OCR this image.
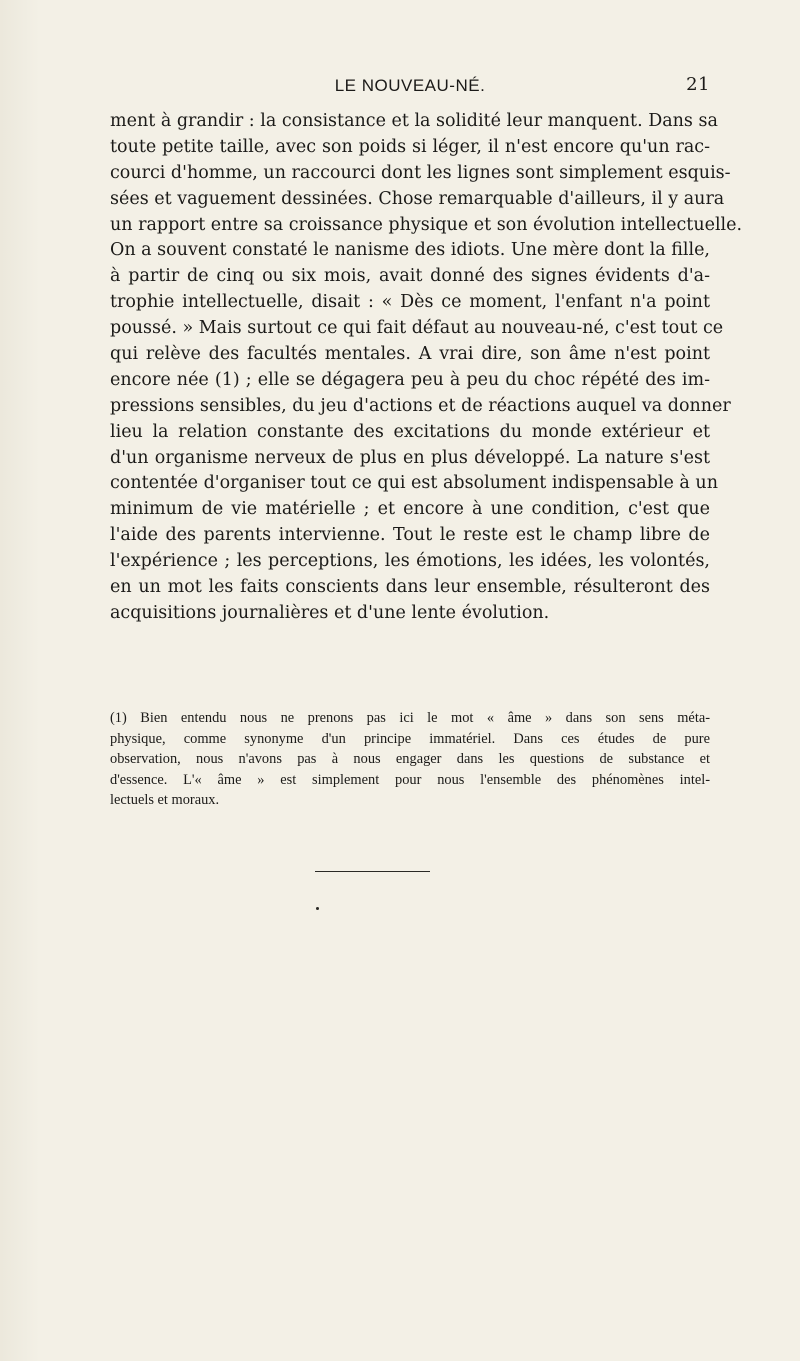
LE NOUVEAU-NÉ.	21
ment à grandir : la consistance et la solidité leur manquent. Dans sa
toute petite taille, avec son poids si léger, il n'est encore qu'un rac-
courci d'homme, un raccourci dont les lignes sont simplement esquis-
sées et vaguement dessinées. Chose remarquable d'ailleurs, il y aura
un rapport entre sa croissance physique et son évolution intellectuelle.
On a souvent constaté le nanisme des idiots. Une mère dont la fille,
à partir de cinq ou six mois, avait donné des signes évidents d'a-
trophie intellectuelle, disait : « Dès ce moment, l'enfant n'a point
poussé. » Mais surtout ce qui fait défaut au nouveau-né, c'est tout ce
qui relève des facultés mentales. A vrai dire, son âme n'est point
encore née (1) ; elle se dégagera peu à peu du choc répété des im-
pressions sensibles, du jeu d'actions et de réactions auquel va donner
lieu la relation constante des excitations du monde extérieur et
d'un organisme nerveux de plus en plus développé. La nature s'est
contentée d'organiser tout ce qui est absolument indispensable à un
minimum de vie matérielle ; et encore à une condition, c'est que
l'aide des parents intervienne. Tout le reste est le champ libre de
l'expérience ; les perceptions, les émotions, les idées, les volontés,
en un mot les faits conscients dans leur ensemble, résulteront des
acquisitions journalières et d'une lente évolution.
(1) Bien entendu nous ne prenons pas ici le mot « âme » dans son sens méta-
physique, comme synonyme d'un principe immatériel. Dans ces études de pure
observation, nous n'avons pas à nous engager dans les questions de substance et
d'essence. L'« âme » est simplement pour nous l'ensemble des phénomènes intel-
lectuels et moraux.
